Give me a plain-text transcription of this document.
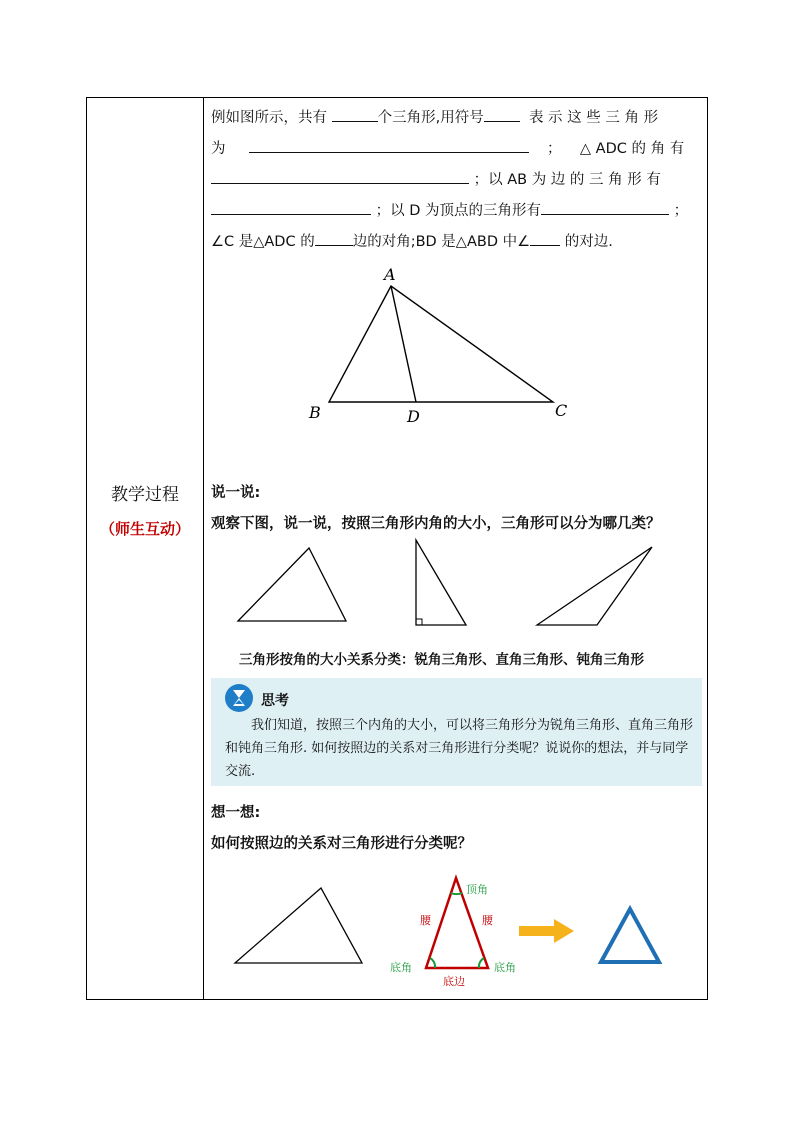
教学过程
（师生互动）
例如图所示，共有	个三角形,用符号	表 示 这 些 三 角 形
为	； △ ADC 的 角 有
；以 AB 为 边 的 三 角 形 有
；以 D 为顶点的三角形有	；
∠C 是△ADC 的	边的对角;BD 是△ABD 中∠ 的对边.
A
B	D	C
顶角
腰	腰
底角	底角
底边
说一说:
观察下图，说一说，按照三角形内角的大小，三角形可以分为哪几类？
三角形按角的大小关系分类：锐角三角形、直角三角形、钝角三角形
思考
我们知道，按照三个内角的大小，可以将三角形分为锐角三角形、直角三角形和钝角三角形. 如何按照边的关系对三角形进行分类呢？说说你的想法，并与同学交流.
想一想:
如何按照边的关系对三角形进行分类呢？
